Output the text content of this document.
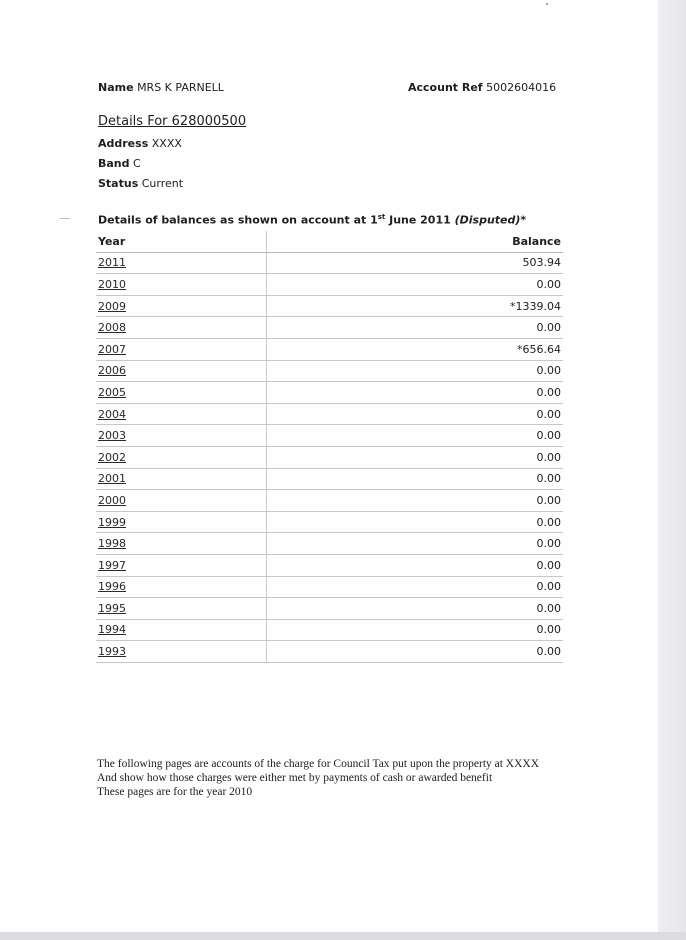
Name MRS K PARNELL	Account Ref 5002604016
Details For 628000500
Address XXXX
Band C
Status Current
Details of balances as shown on account at 1st June 2011 (Disputed)*
Year	Balance
2011	503.94
2010	0.00
2009	*1339.04
2008	0.00
2007	*656.64
2006	0.00
2005	0.00
2004	0.00
2003	0.00
2002	0.00
2001	0.00
2000	0.00
1999	0.00
1998	0.00
1997	0.00
1996	0.00
1995	0.00
1994	0.00
1993	0.00

The following pages are accounts of the charge for Council Tax put upon the property at XXXX

And show how those charges were either met by payments of cash or awarded benefit

These pages are for the year 2010
